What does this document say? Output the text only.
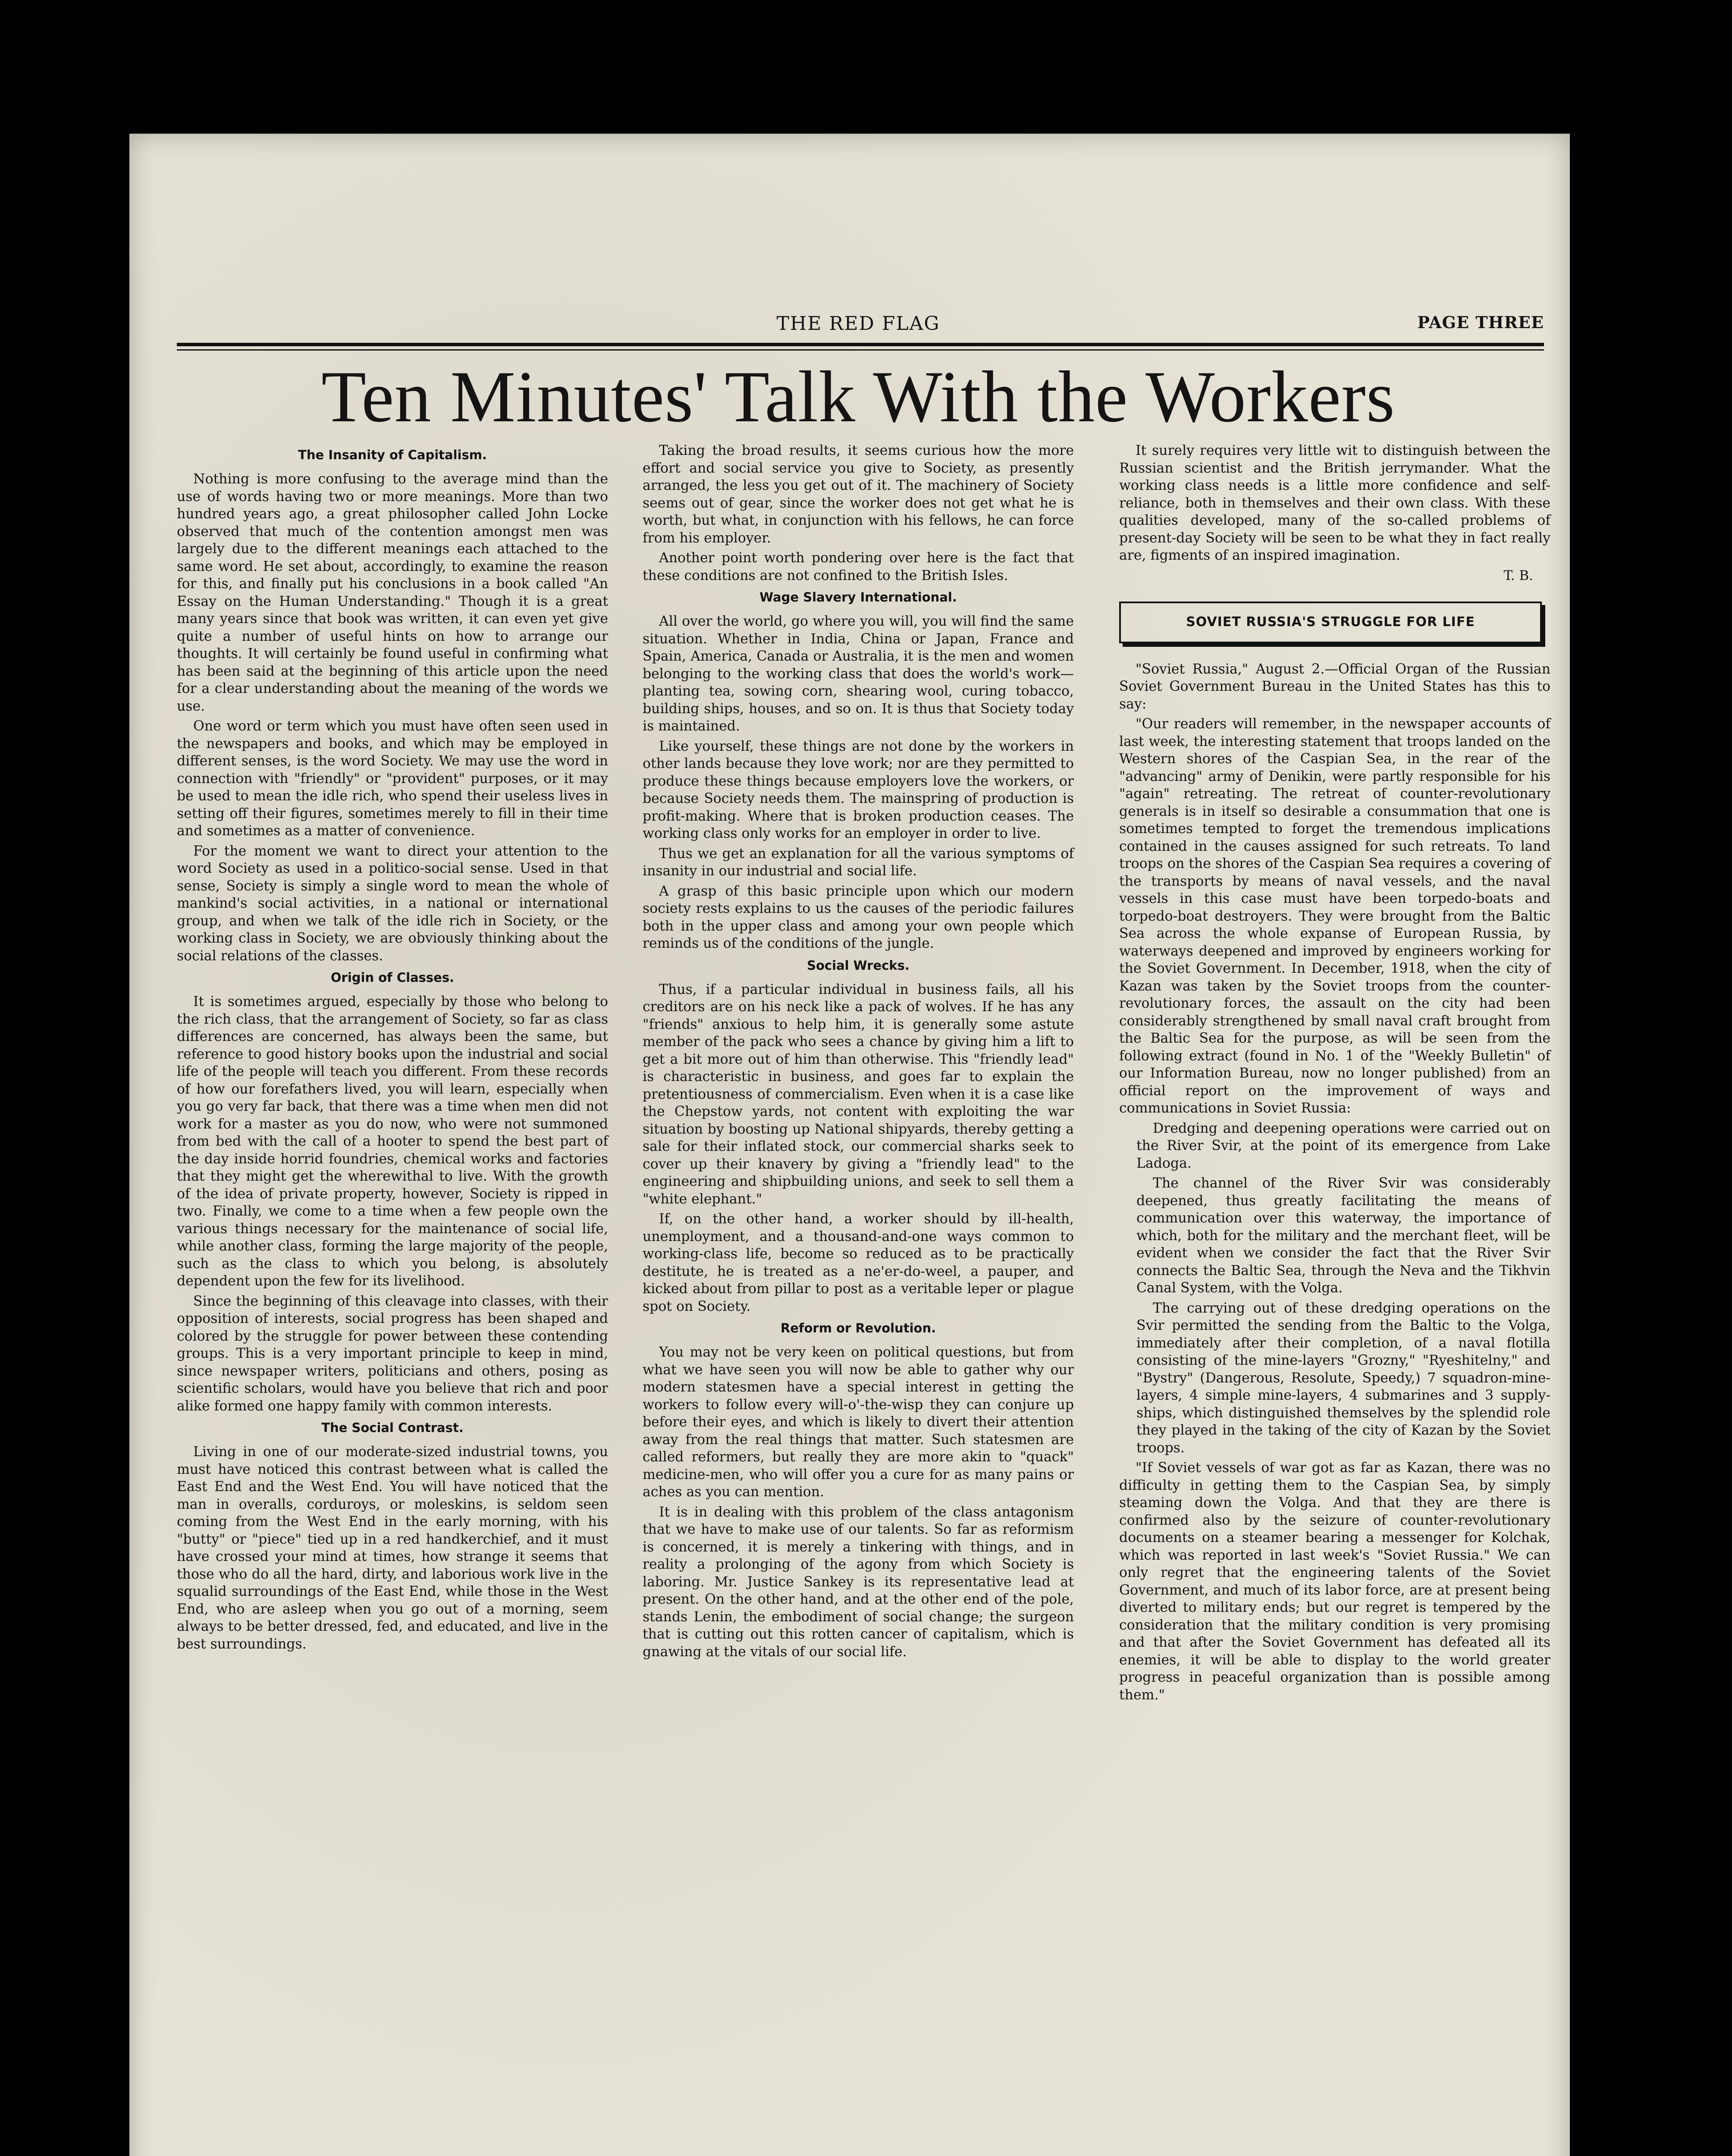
THE RED FLAG	PAGE THREE
Ten Minutes' Talk With the Workers
The Insanity of Capitalism.

Nothing is more confusing to the average mind than the use of words having two or more meanings. More than two hundred years ago, a great philosopher called John Locke observed that much of the contention amongst men was largely due to the different meanings each attached to the same word. He set about, accordingly, to examine the reason for this, and finally put his conclusions in a book called "An Essay on the Human Understanding." Though it is a great many years since that book was written, it can even yet give quite a number of useful hints on how to arrange our thoughts. It will certainly be found useful in confirming what has been said at the beginning of this article upon the need for a clear understanding about the meaning of the words we use.

One word or term which you must have often seen used in the newspapers and books, and which may be employed in different senses, is the word Society. We may use the word in connection with "friendly" or "provident" purposes, or it may be used to mean the idle rich, who spend their useless lives in setting off their figures, sometimes merely to fill in their time and sometimes as a matter of convenience.

For the moment we want to direct your attention to the word Society as used in a politico-social sense. Used in that sense, Society is simply a single word to mean the whole of mankind's social activities, in a national or international group, and when we talk of the idle rich in Society, or the working class in Society, we are obviously thinking about the social relations of the classes.

Origin of Classes.

It is sometimes argued, especially by those who belong to the rich class, that the arrangement of Society, so far as class differences are concerned, has always been the same, but reference to good history books upon the industrial and social life of the people will teach you different. From these records of how our forefathers lived, you will learn, especially when you go very far back, that there was a time when men did not work for a master as you do now, who were not summoned from bed with the call of a hooter to spend the best part of the day inside horrid foundries, chemical works and factories that they might get the wherewithal to live. With the growth of the idea of private property, however, Society is ripped in two. Finally, we come to a time when a few people own the various things necessary for the maintenance of social life, while another class, forming the large majority of the people, such as the class to which you belong, is absolutely dependent upon the few for its livelihood.

Since the beginning of this cleavage into classes, with their opposition of interests, social progress has been shaped and colored by the struggle for power between these contending groups. This is a very important principle to keep in mind, since newspaper writers, politicians and others, posing as scientific scholars, would have you believe that rich and poor alike formed one happy family with common interests.

The Social Contrast.

Living in one of our moderate-sized industrial towns, you must have noticed this contrast between what is called the East End and the West End. You will have noticed that the man in overalls, corduroys, or moleskins, is seldom seen coming from the West End in the early morning, with his "butty" or "piece" tied up in a red handkerchief, and it must have crossed your mind at times, how strange it seems that those who do all the hard, dirty, and laborious work live in the squalid surroundings of the East End, while those in the West End, who are asleep when you go out of a morning, seem always to be better dressed, fed, and educated, and live in the best surroundings.

Taking the broad results, it seems curious how the more effort and social service you give to Society, as presently arranged, the less you get out of it. The machinery of Society seems out of gear, since the worker does not get what he is worth, but what, in conjunction with his fellows, he can force from his employer.

Another point worth pondering over here is the fact that these conditions are not confined to the British Isles.

Wage Slavery International.

All over the world, go where you will, you will find the same situation. Whether in India, China or Japan, France and Spain, America, Canada or Australia, it is the men and women belonging to the working class that does the world's work—planting tea, sowing corn, shearing wool, curing tobacco, building ships, houses, and so on. It is thus that Society today is maintained.

Like yourself, these things are not done by the workers in other lands because they love work; nor are they permitted to produce these things because employers love the workers, or because Society needs them. The mainspring of production is profit-making. Where that is broken production ceases. The working class only works for an employer in order to live.

Thus we get an explanation for all the various symptoms of insanity in our industrial and social life.

A grasp of this basic principle upon which our modern society rests explains to us the causes of the periodic failures both in the upper class and among your own people which reminds us of the conditions of the jungle.

Social Wrecks.

Thus, if a particular individual in business fails, all his creditors are on his neck like a pack of wolves. If he has any "friends" anxious to help him, it is generally some astute member of the pack who sees a chance by giving him a lift to get a bit more out of him than otherwise. This "friendly lead" is characteristic in business, and goes far to explain the pretentiousness of commercialism. Even when it is a case like the Chepstow yards, not content with exploiting the war situation by boosting up National shipyards, thereby getting a sale for their inflated stock, our commercial sharks seek to cover up their knavery by giving a "friendly lead" to the engineering and shipbuilding unions, and seek to sell them a "white elephant."

If, on the other hand, a worker should by ill-health, unemployment, and a thousand-and-one ways common to working-class life, become so reduced as to be practically destitute, he is treated as a ne'er-do-weel, a pauper, and kicked about from pillar to post as a veritable leper or plague spot on Society.

Reform or Revolution.

You may not be very keen on political questions, but from what we have seen you will now be able to gather why our modern statesmen have a special interest in getting the workers to follow every will-o'-the-wisp they can conjure up before their eyes, and which is likely to divert their attention away from the real things that matter. Such statesmen are called reformers, but really they are more akin to "quack" medicine-men, who will offer you a cure for as many pains or aches as you can mention.

It is in dealing with this problem of the class antagonism that we have to make use of our talents. So far as reformism is concerned, it is merely a tinkering with things, and in reality a prolonging of the agony from which Society is laboring. Mr. Justice Sankey is its representative lead at present. On the other hand, and at the other end of the pole, stands Lenin, the embodiment of social change; the surgeon that is cutting out this rotten cancer of capitalism, which is gnawing at the vitals of our social life.

It surely requires very little wit to distinguish between the Russian scientist and the British jerrymander. What the working class needs is a little more confidence and self-reliance, both in themselves and their own class. With these qualities developed, many of the so-called problems of present-day Society will be seen to be what they in fact really are, figments of an inspired imagination.

T. B.
SOVIET RUSSIA'S STRUGGLE FOR LIFE

"Soviet Russia," August 2.—Official Organ of the Russian Soviet Government Bureau in the United States has this to say:

"Our readers will remember, in the newspaper accounts of last week, the interesting statement that troops landed on the Western shores of the Caspian Sea, in the rear of the "advancing" army of Denikin, were partly responsible for his "again" retreating. The retreat of counter-revolutionary generals is in itself so desirable a consummation that one is sometimes tempted to forget the tremendous implications contained in the causes assigned for such retreats. To land troops on the shores of the Caspian Sea requires a covering of the transports by means of naval vessels, and the naval vessels in this case must have been torpedo-boats and torpedo-boat destroyers. They were brought from the Baltic Sea across the whole expanse of European Russia, by waterways deepened and improved by engineers working for the Soviet Government. In December, 1918, when the city of Kazan was taken by the Soviet troops from the counter-revolutionary forces, the assault on the city had been considerably strengthened by small naval craft brought from the Baltic Sea for the purpose, as will be seen from the following extract (found in No. 1 of the "Weekly Bulletin" of our Information Bureau, now no longer published) from an official report on the improvement of ways and communications in Soviet Russia:

Dredging and deepening operations were carried out on the River Svir, at the point of its emergence from Lake Ladoga.

The channel of the River Svir was considerably deepened, thus greatly facilitating the means of communication over this waterway, the importance of which, both for the military and the merchant fleet, will be evident when we consider the fact that the River Svir connects the Baltic Sea, through the Neva and the Tikhvin Canal System, with the Volga.

The carrying out of these dredging operations on the Svir permitted the sending from the Baltic to the Volga, immediately after their completion, of a naval flotilla consisting of the mine-layers "Grozny," "Ryeshitelny," and "Bystry" (Dangerous, Resolute, Speedy,) 7 squadron-mine-layers, 4 simple mine-layers, 4 submarines and 3 supply-ships, which distinguished themselves by the splendid role they played in the taking of the city of Kazan by the Soviet troops.

"If Soviet vessels of war got as far as Kazan, there was no difficulty in getting them to the Caspian Sea, by simply steaming down the Volga. And that they are there is confirmed also by the seizure of counter-revolutionary documents on a steamer bearing a messenger for Kolchak, which was reported in last week's "Soviet Russia." We can only regret that the engineering talents of the Soviet Government, and much of its labor force, are at present being diverted to military ends; but our regret is tempered by the consideration that the military condition is very promising and that after the Soviet Government has defeated all its enemies, it will be able to display to the world greater progress in peaceful organization than is possible among them."
